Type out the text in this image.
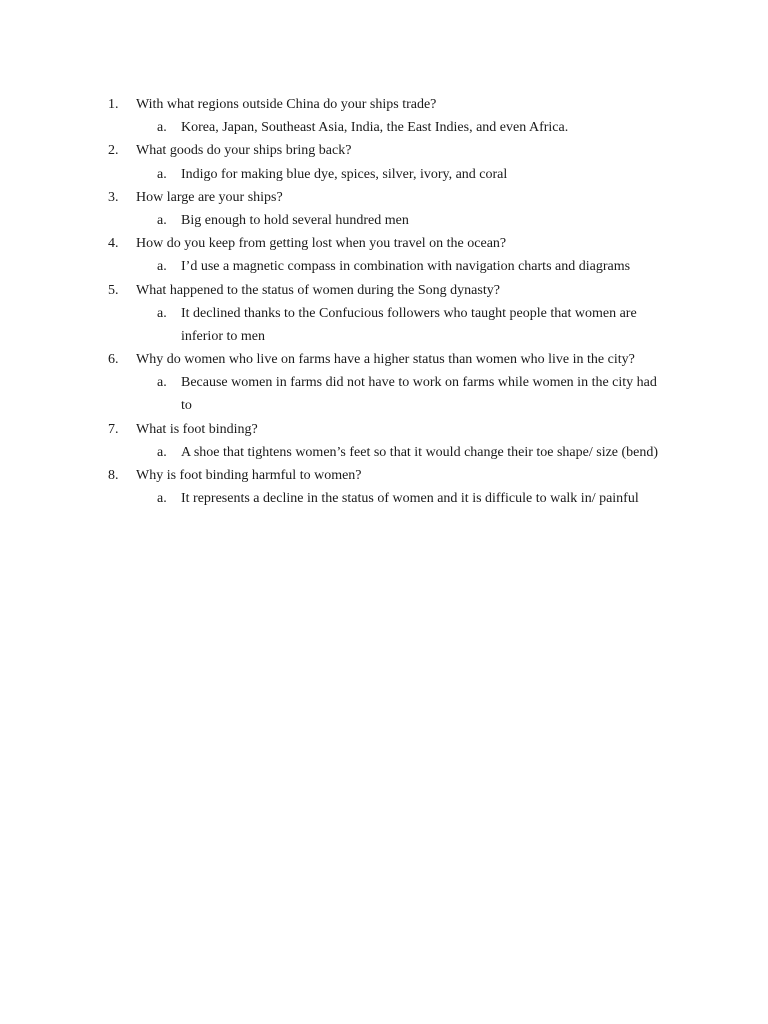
1.	With what regions outside China do your ships trade?
a. Korea, Japan, Southeast Asia, India, the East Indies, and even Africa.
2.	What goods do your ships bring back?
a. Indigo for making blue dye, spices, silver, ivory, and coral
3.	How large are your ships?
a. Big enough to hold several hundred men
4.	How do you keep from getting lost when you travel on the ocean?
a. I’d use a magnetic compass in combination with navigation charts and diagrams
5.	What happened to the status of women during the Song dynasty?
a. It declined thanks to the Confucious followers who taught people that women are inferior to men
6.	Why do women who live on farms have a higher status than women who live in the city?
a. Because women in farms did not have to work on farms while women in the city had to
7.	What is foot binding?
a. A shoe that tightens women’s feet so that it would change their toe shape/ size (bend)
8.	Why is foot binding harmful to women?
a. It represents a decline in the status of women and it is difficule to walk in/ painful
